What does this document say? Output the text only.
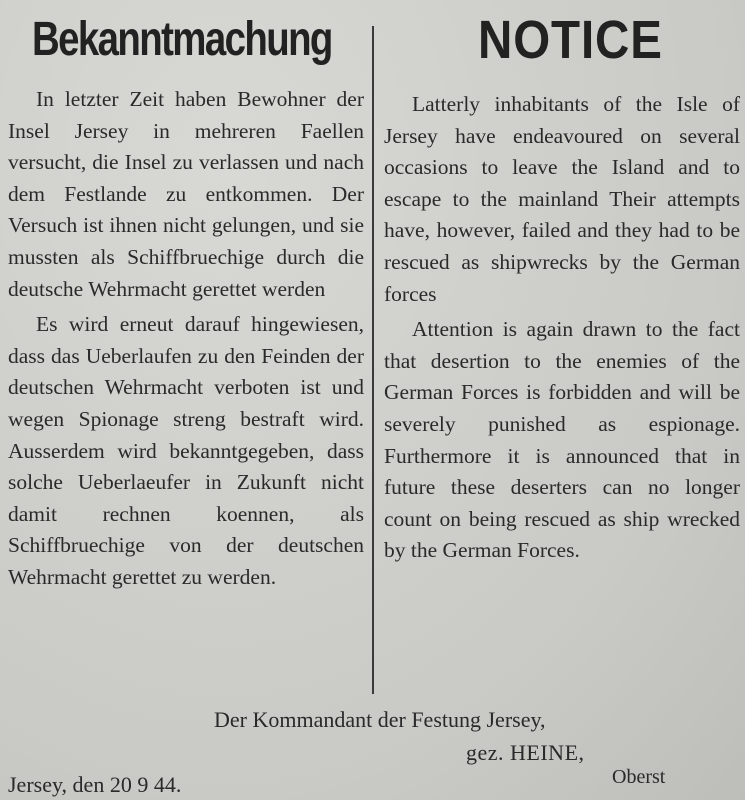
Bekanntmachung	NOTICE

In letzter Zeit haben Bewohner der Insel Jersey in mehreren Faellen versucht, die Insel zu verlassen und nach dem Festlande zu entkommen. Der Versuch ist ihnen nicht gelungen, und sie mussten als Schiffbruechige durch die deutsche Wehrmacht gerettet werden

Es wird erneut darauf hingewiesen, dass das Ueberlaufen zu den Feinden der deutschen Wehrmacht verboten ist und wegen Spionage streng bestraft wird. Ausserdem wird bekanntgegeben, dass solche Ueberlaeufer in Zukunft nicht damit rechnen koennen, als Schiffbruechige von der deutschen Wehrmacht gerettet zu werden.

Latterly inhabitants of the Isle of Jersey have endeavoured on several occasions to leave the Island and to escape to the mainland Their attempts have, however, failed and they had to be rescued as shipwrecks by the German forces

Attention is again drawn to the fact that desertion to the enemies of the German Forces is forbidden and will be severely punished as espionage. Furthermore it is announced that in future these deserters can no longer count on being rescued as ship wrecked by the German Forces.

Der Kommandant der Festung Jersey,
gez. HEINE,
Jersey, den 20 9 44.	Oberst
